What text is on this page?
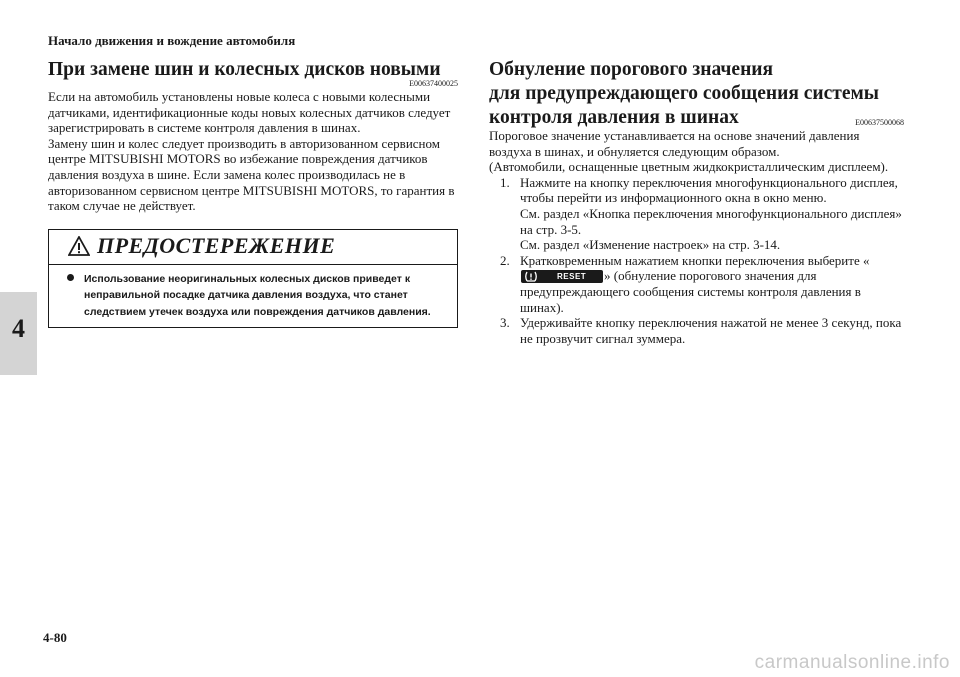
Начало движения и вождение автомобиля
4
При замене шин и колесных дисков новыми
E00637400025

Если на автомобиль установлены новые колеса с новыми колесными датчиками, идентификационные коды новых колесных датчиков следует зарегистрировать в системе контроля давления в шинах.

Замену шин и колес следует производить в авторизованном сервисном центре MITSUBISHI MOTORS во избежание повреждения датчиков давления воздуха в шине. Если замена колес производилась не в авторизованном сервисном центре MITSUBISHI MOTORS, то гарантия в таком случае не действует.

ПРЕДОСТЕРЕЖЕНИЕ

Использование неоригинальных колесных дисков приведет к неправильной посадке датчика давления воздуха, что станет следствием утечек воздуха или повреждения датчиков давления.

Обнуление порогового значения
для предупреждающего сообщения системы
контроля давления в шинах	E00637500068

Пороговое значение устанавливается на основе значений давления воздуха в шинах, и обнуляется следующим образом.

(Автомобили, оснащенные цветным жидкокристаллическим дисплеем).

1. Нажмите на кнопку переключения многофункционального дисплея, чтобы перейти из информационного окна в окно меню.
См. раздел «Кнопка переключения многофункционального дисплея» на стр. 3-5.
См. раздел «Изменение настроек» на стр. 3-14.
2. Кратковременным нажатием кнопки переключения выберите «
RESET » (обнуление порогового значения для предупреждающего сообщения системы контроля давления в шинах).
3. Удерживайте кнопку переключения нажатой не менее 3 секунд, пока не прозвучит сигнал зуммера.
4-80
carmanualsonline.info
